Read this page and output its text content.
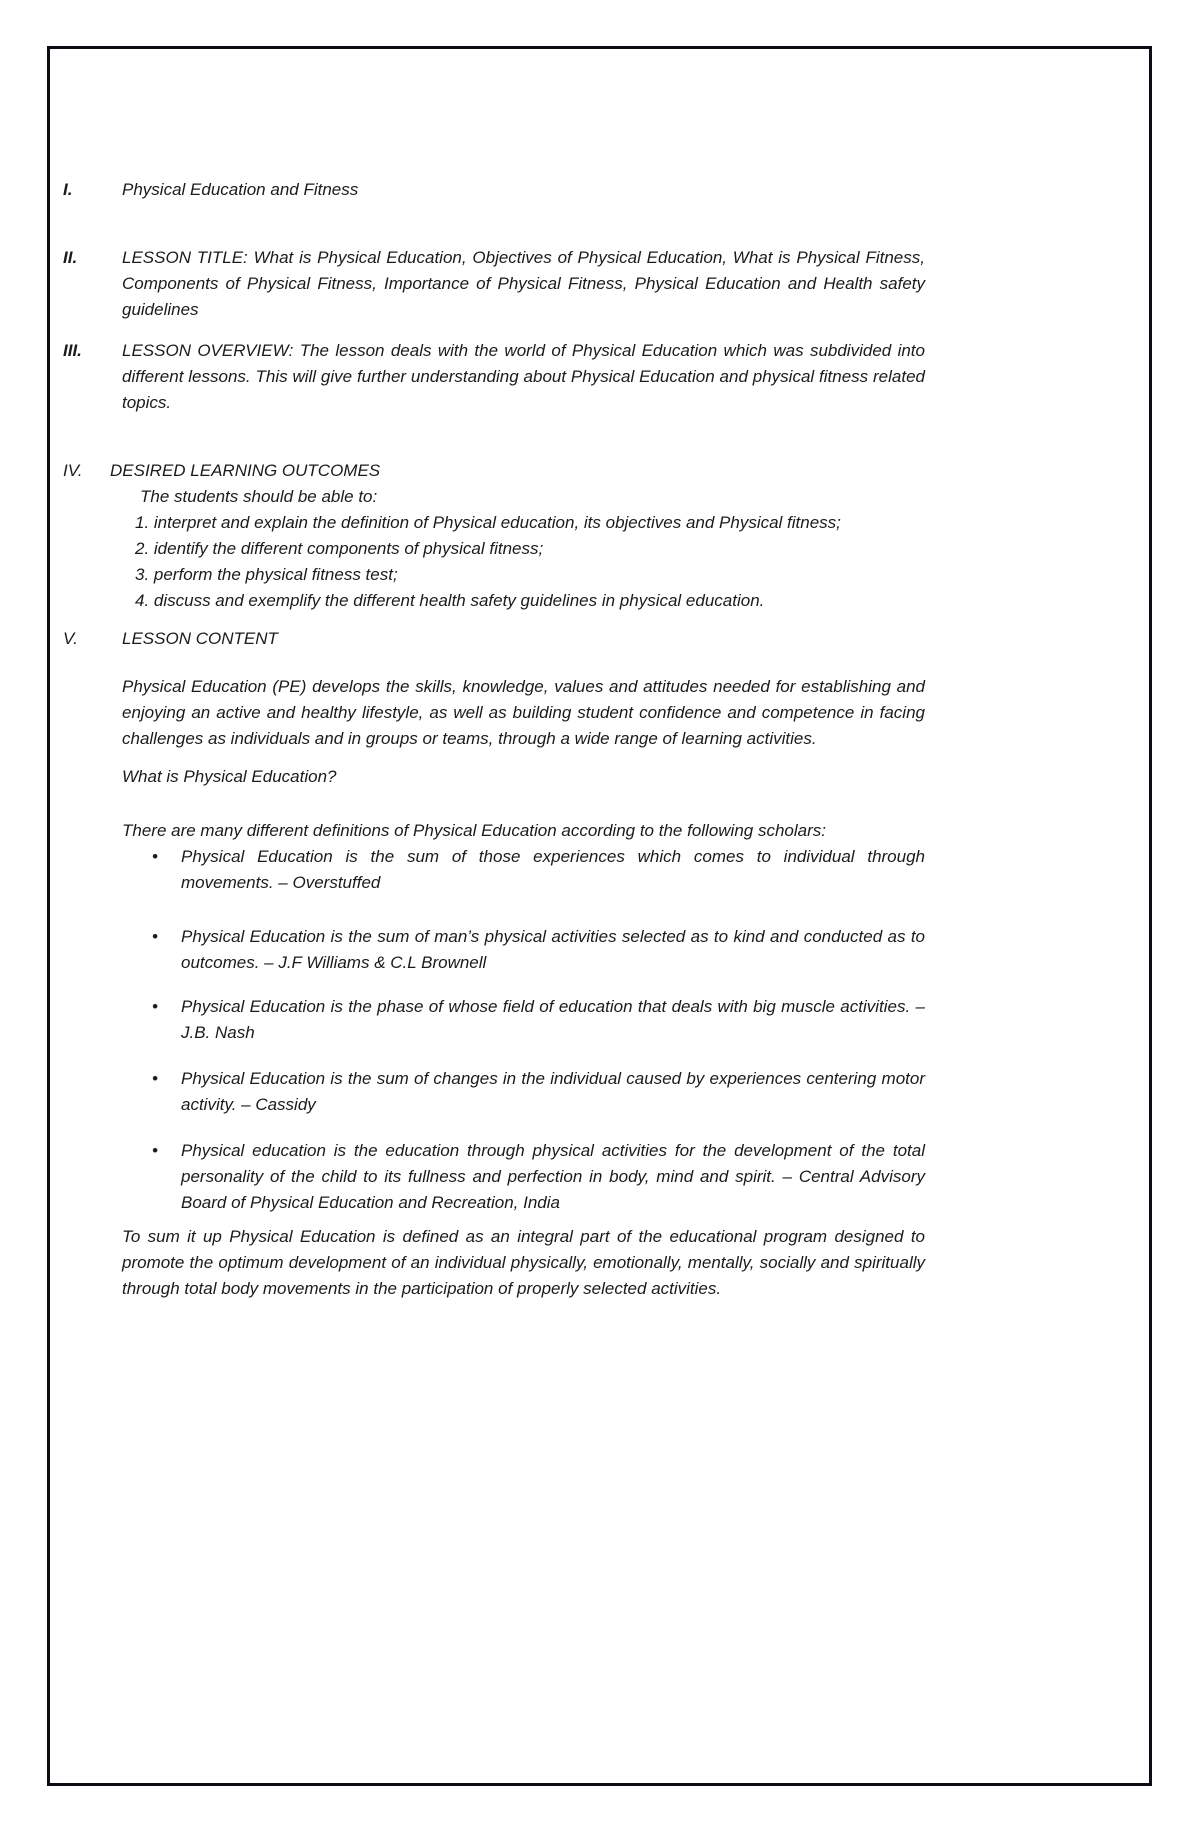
I.	Physical Education and Fitness
II.	LESSON TITLE: What is Physical Education, Objectives of Physical Education, What is Physical Fitness, Components of Physical Fitness, Importance of Physical Fitness, Physical Education and Health safety guidelines
III.	LESSON OVERVIEW: The lesson deals with the world of Physical Education which was subdivided into different lessons. This will give further understanding about Physical Education and physical fitness related topics.
IV.	DESIRED LEARNING OUTCOMES
The students should be able to:
1. interpret and explain the definition of Physical education, its objectives and Physical fitness;
2. identify the different components of physical fitness;
3. perform the physical fitness test;
4. discuss and exemplify the different health safety guidelines in physical education.
V.	LESSON CONTENT
Physical Education (PE) develops the skills, knowledge, values and attitudes needed for establishing and enjoying an active and healthy lifestyle, as well as building student confidence and competence in facing challenges as individuals and in groups or teams, through a wide range of learning activities.
What is Physical Education?
There are many different definitions of Physical Education according to the following scholars:
•	Physical Education is the sum of those experiences which comes to individual through movements. – Overstuffed
•	Physical Education is the sum of man’s physical activities selected as to kind and conducted as to outcomes. – J.F Williams & C.L Brownell
•	Physical Education is the phase of whose field of education that deals with big muscle activities. – J.B. Nash
•	Physical Education is the sum of changes in the individual caused by experiences centering motor activity. – Cassidy
•	Physical education is the education through physical activities for the development of the total personality of the child to its fullness and perfection in body, mind and spirit. – Central Advisory Board of Physical Education and Recreation, India
To sum it up Physical Education is defined as an integral part of the educational program designed to promote the optimum development of an individual physically, emotionally, mentally, socially and spiritually through total body movements in the participation of properly selected activities.
